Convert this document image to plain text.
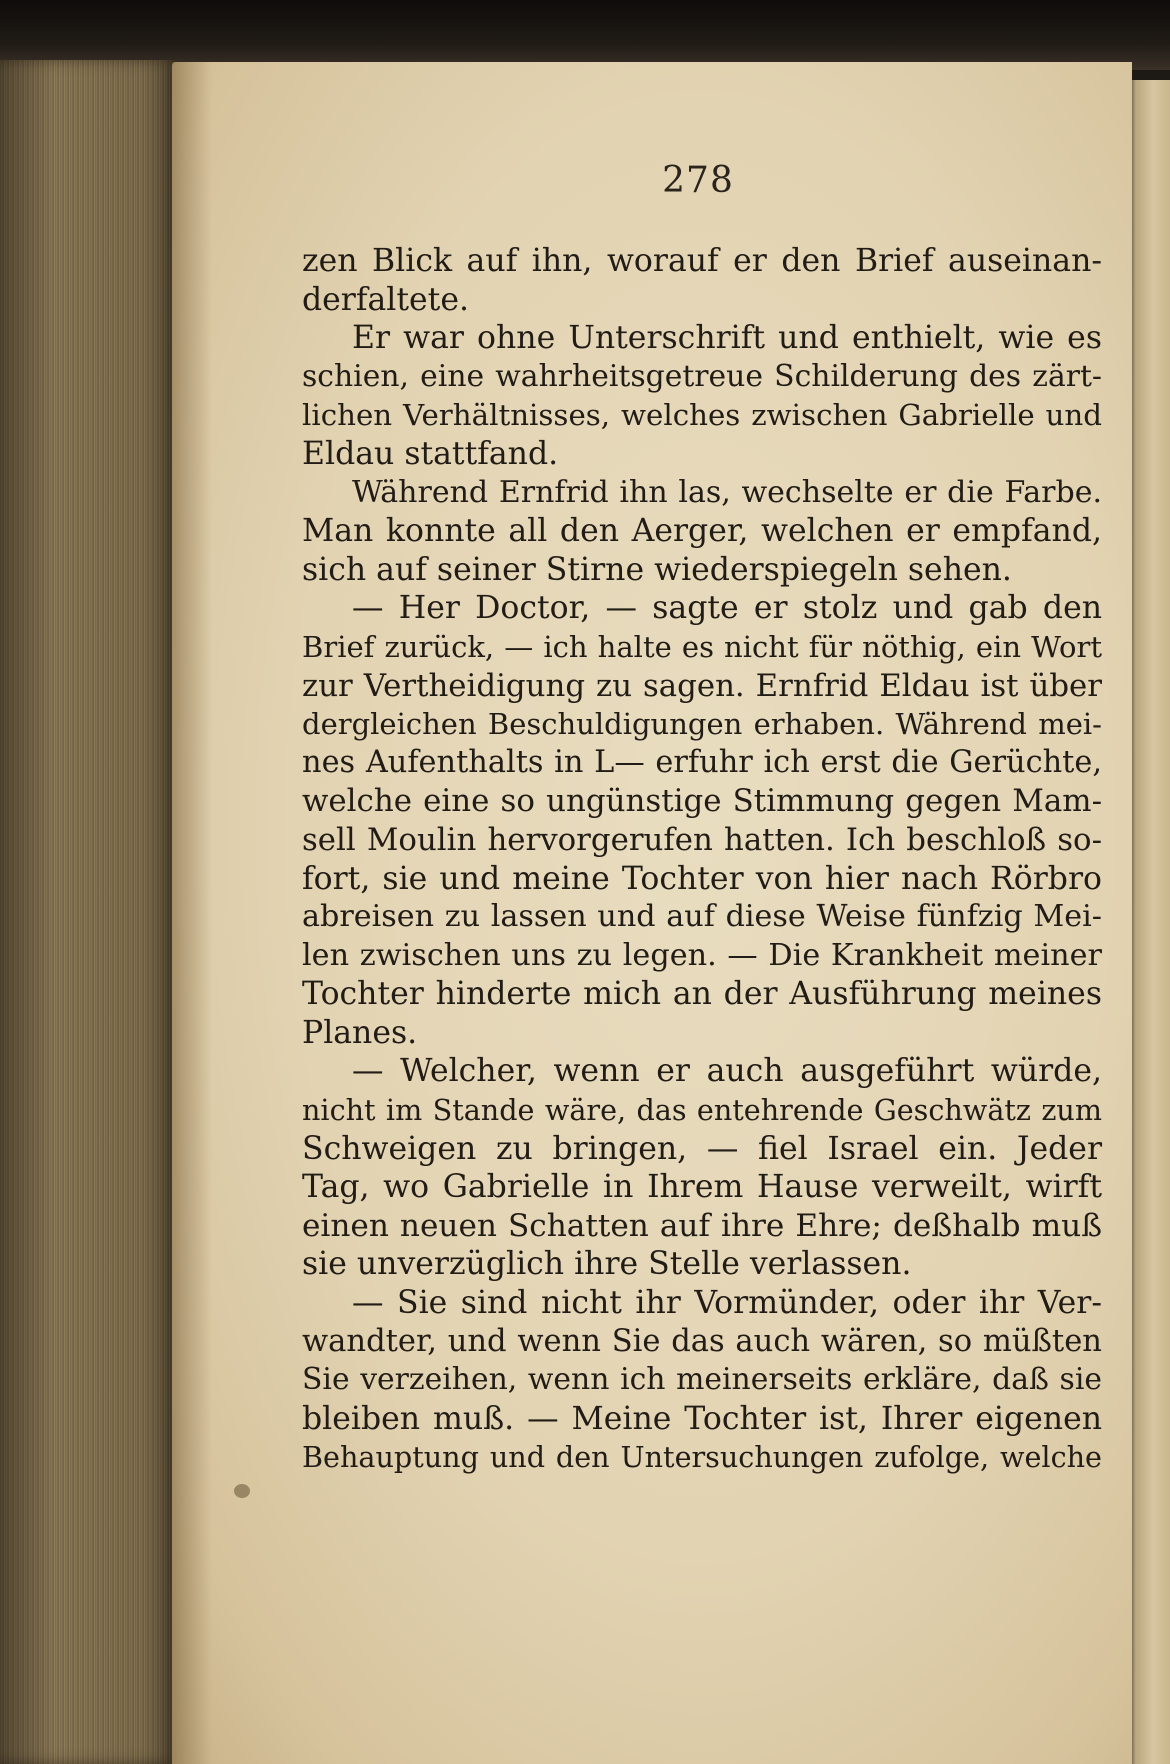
278
zen Blick auf ihn, worauf er den Brief auseinan-
derfaltete.
Er war ohne Unterschrift und enthielt, wie es
schien, eine wahrheitsgetreue Schilderung des zärt-
lichen Verhältnisses, welches zwischen Gabrielle und
Eldau stattfand.
Während Ernfrid ihn las, wechselte er die Farbe.
Man konnte all den Aerger, welchen er empfand,
sich auf seiner Stirne wiederspiegeln sehen.
— Her Doctor, — sagte er stolz und gab den
Brief zurück, — ich halte es nicht für nöthig, ein Wort
zur Vertheidigung zu sagen. Ernfrid Eldau ist über
dergleichen Beschuldigungen erhaben. Während mei-
nes Aufenthalts in L— erfuhr ich erst die Gerüchte,
welche eine so ungünstige Stimmung gegen Mam-
sell Moulin hervorgerufen hatten. Ich beschloß so-
fort, sie und meine Tochter von hier nach Rörbro
abreisen zu lassen und auf diese Weise fünfzig Mei-
len zwischen uns zu legen. — Die Krankheit meiner
Tochter hinderte mich an der Ausführung meines
Planes.
— Welcher, wenn er auch ausgeführt würde,
nicht im Stande wäre, das entehrende Geschwätz zum
Schweigen zu bringen, — fiel Israel ein. Jeder
Tag, wo Gabrielle in Ihrem Hause verweilt, wirft
einen neuen Schatten auf ihre Ehre; deßhalb muß
sie unverzüglich ihre Stelle verlassen.
— Sie sind nicht ihr Vormünder, oder ihr Ver-
wandter, und wenn Sie das auch wären, so müßten
Sie verzeihen, wenn ich meinerseits erkläre, daß sie
bleiben muß. — Meine Tochter ist, Ihrer eigenen
Behauptung und den Untersuchungen zufolge, welche
